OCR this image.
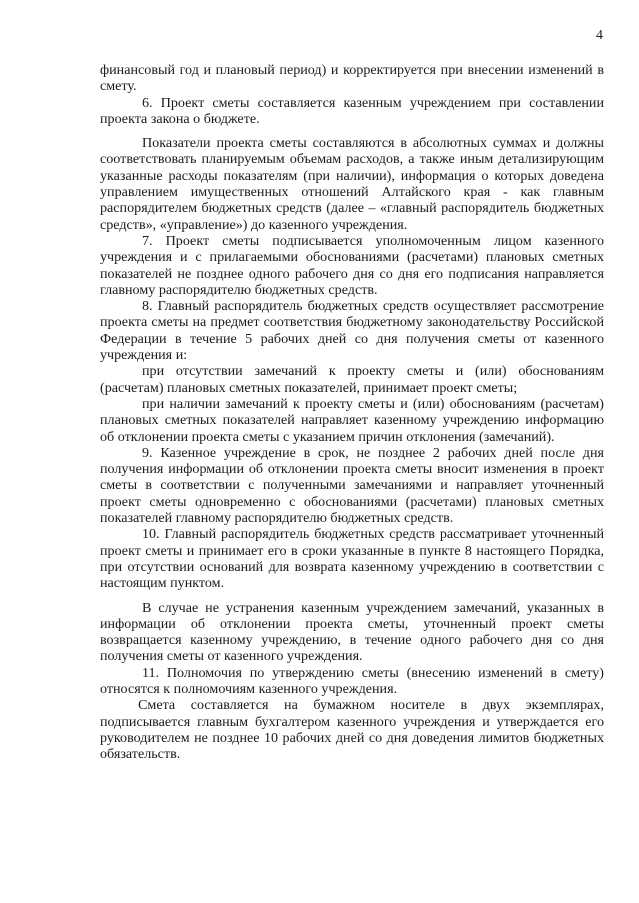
4

финансовый год и плановый период) и корректируется при внесении изменений в смету.

6. Проект сметы составляется казенным учреждением при составлении проекта закона о бюджете.

Показатели проекта сметы составляются в абсолютных суммах и должны соответствовать планируемым объемам расходов, а также иным детализирующим указанные расходы показателям (при наличии), информация о которых доведена управлением имущественных отношений Алтайского края - как главным распорядителем бюджетных средств (далее – «главный распорядитель бюджетных средств», «управление») до казенного учреждения.

7. Проект сметы подписывается уполномоченным лицом казенного учреждения и с прилагаемыми обоснованиями (расчетами) плановых сметных показателей не позднее одного рабочего дня со дня его подписания направляется главному распорядителю бюджетных средств.

8. Главный распорядитель бюджетных средств осуществляет рассмотрение проекта сметы на предмет соответствия бюджетному законодательству Российской Федерации в течение 5 рабочих дней со дня получения сметы от казенного учреждения и:

при отсутствии замечаний к проекту сметы и (или) обоснованиям (расчетам) плановых сметных показателей, принимает проект сметы;

при наличии замечаний к проекту сметы и (или) обоснованиям (расчетам) плановых сметных показателей направляет казенному учреждению информацию об отклонении проекта сметы с указанием причин отклонения (замечаний).

9. Казенное учреждение в срок, не позднее 2 рабочих дней после дня получения информации об отклонении проекта сметы вносит изменения в проект сметы в соответствии с полученными замечаниями и направляет уточненный проект сметы одновременно с обоснованиями (расчетами) плановых сметных показателей главному распорядителю бюджетных средств.

10. Главный распорядитель бюджетных средств рассматривает уточненный проект сметы и принимает его в сроки указанные в пункте 8 настоящего Порядка, при отсутствии оснований для возврата казенному учреждению в соответствии с настоящим пунктом.

В случае не устранения казенным учреждением замечаний, указанных в информации об отклонении проекта сметы, уточненный проект сметы возвращается казенному учреждению, в течение одного рабочего дня со дня получения сметы от казенного учреждения.

11. Полномочия по утверждению сметы (внесению изменений в смету) относятся к полномочиям казенного учреждения.

Смета составляется на бумажном носителе в двух экземплярах, подписывается главным бухгалтером казенного учреждения и утверждается его руководителем не позднее 10 рабочих дней со дня доведения лимитов бюджетных обязательств.
